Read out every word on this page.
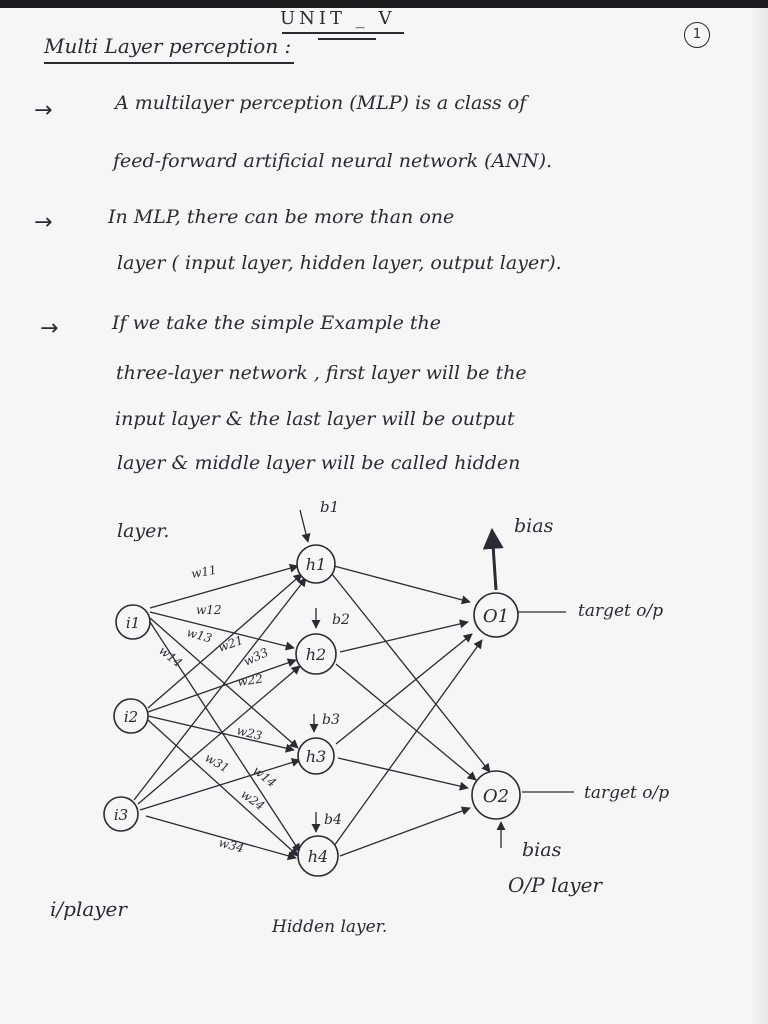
UNIT _ V
1
Multi Layer perception :
→	A multilayer perception (MLP) is a class of
feed-forward artificial neural network (ANN).
→	In MLP, there can be more than one
layer ( input layer, hidden layer, output layer).
→	If we take the simple Example the
three-layer network , first layer will be the
input layer & the last layer will be output
layer & middle layer will be called hidden
layer.
i1
i2
i3
h1
h2
h3
h4
O1
O2
b1
b2
b3
b4
bias
bias
w11
w12
w13
w14	w21
w22
w33
w23
w31
w14
w24
w34
target o/p
target o/p
i/player
Hidden layer.
O/P layer
